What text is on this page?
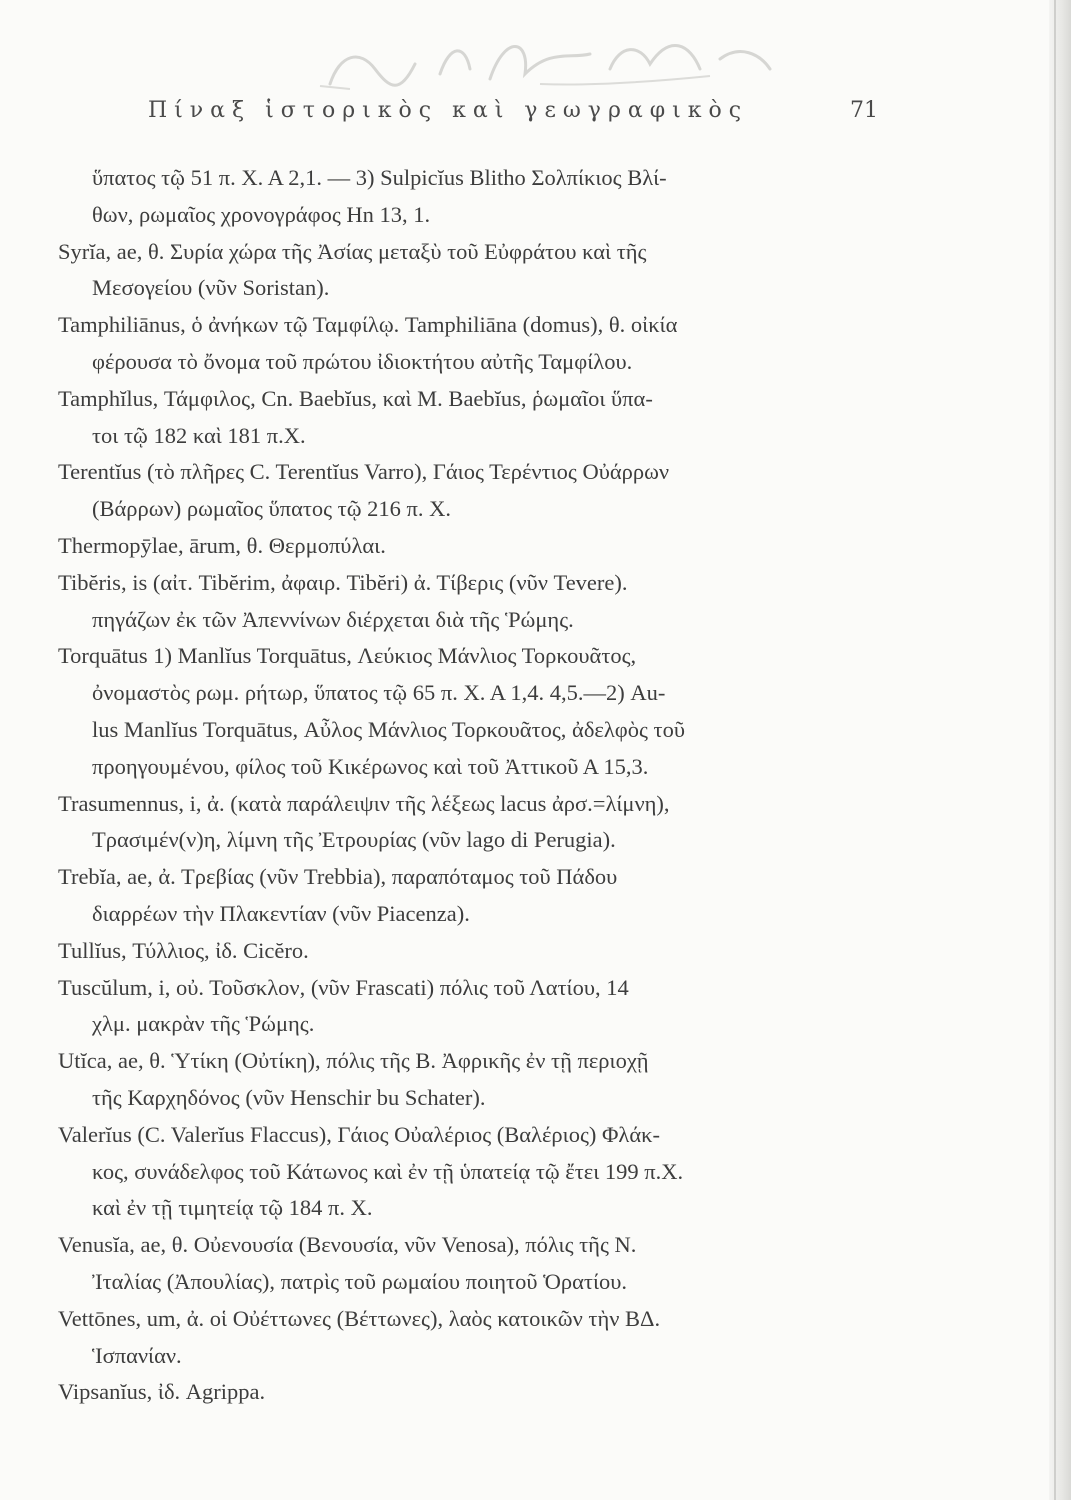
Πίναξ ἱστορικὸς καὶ γεωγραφικὸς	71
ὕπατος τῷ 51 π. Χ. Α 2,1. — 3) Sulpicĭus Blitho Σολπίκιος Βλί-
θων, ρωμαῖος χρονογράφος Hn 13, 1.
Syrĭa, ae, θ. Συρία χώρα τῆς Ἀσίας μεταξὺ τοῦ Εὐφράτου καὶ τῆς
Μεσογείου (νῦν Soristan).
Tamphiliānus, ὁ ἀνήκων τῷ Ταμφίλῳ. Tamphiliāna (domus), θ. οἰκία
φέρουσα τὸ ὄνομα τοῦ πρώτου ἰδιοκτήτου αὐτῆς Ταμφίλου.
Tamphĭlus, Τάμφιλος, Cn. Baebĭus, καὶ M. Baebĭus, ῥωμαῖοι ὕπα-
τοι τῷ 182 καὶ 181 π.Χ.
Terentĭus (τὸ πλῆρες C. Terentĭus Varro), Γάιος Τερέντιος Οὐάρρων
(Βάρρων) ρωμαῖος ὕπατος τῷ 216 π. Χ.
Thermopȳlae, ārum, θ. Θερμοπύλαι.
Tibĕris, is (αἰτ. Tibĕrim, ἀφαιρ. Tibĕri) ἀ. Τίβερις (νῦν Tevere).
πηγάζων ἐκ τῶν Ἀπεννίνων διέρχεται διὰ τῆς Ῥώμης.
Torquātus 1) Manlĭus Torquātus, Λεύκιος Μάνλιος Τορκουᾶτος,
ὀνομαστὸς ρωμ. ρήτωρ, ὕπατος τῷ 65 π. Χ. Α 1,4. 4,5.—2) Au-
lus Manlĭus Torquātus, Αὖλος Μάνλιος Τορκουᾶτος, ἀδελφὸς τοῦ
προηγουμένου, φίλος τοῦ Κικέρωνος καὶ τοῦ Ἀττικοῦ Α 15,3.
Trasumennus, i, ἀ. (κατὰ παράλειψιν τῆς λέξεως lacus ἀρσ.=λίμνη),
Τρασιμέν(ν)η, λίμνη τῆς Ἐτρουρίας (νῦν lago di Perugia).
Trebĭa, ae, ἀ. Τρεβίας (νῦν Trebbia), παραπόταμος τοῦ Πάδου
διαρρέων τὴν Πλακεντίαν (νῦν Piacenza).
Tullĭus, Τύλλιος, ἰδ. Cicĕro.
Tuscŭlum, i, οὐ. Τοῦσκλον, (νῦν Frascati) πόλις τοῦ Λατίου, 14
χλμ. μακρὰν τῆς Ῥώμης.
Utĭca, ae, θ. Ὑτίκη (Οὐτίκη), πόλις τῆς Β. Ἀφρικῆς ἐν τῇ περιοχῇ
τῆς Καρχηδόνος (νῦν Henschir bu Schater).
Valerĭus (C. Valerĭus Flaccus), Γάιος Οὐαλέριος (Βαλέριος) Φλάκ-
κος, συνάδελφος τοῦ Κάτωνος καὶ ἐν τῇ ὑπατείᾳ τῷ ἔτει 199 π.Χ.
καὶ ἐν τῇ τιμητείᾳ τῷ 184 π. Χ.
Venusĭa, ae, θ. Οὐενουσία (Βενουσία, νῦν Venosa), πόλις τῆς Ν.
Ἰταλίας (Ἀπουλίας), πατρὶς τοῦ ρωμαίου ποιητοῦ Ὁρατίου.
Vettōnes, um, ἀ. οἱ Οὐέττωνες (Βέττωνες), λαὸς κατοικῶν τὴν ΒΔ.
Ἱσπανίαν.
Vipsanĭus, ἰδ. Agrippa.
